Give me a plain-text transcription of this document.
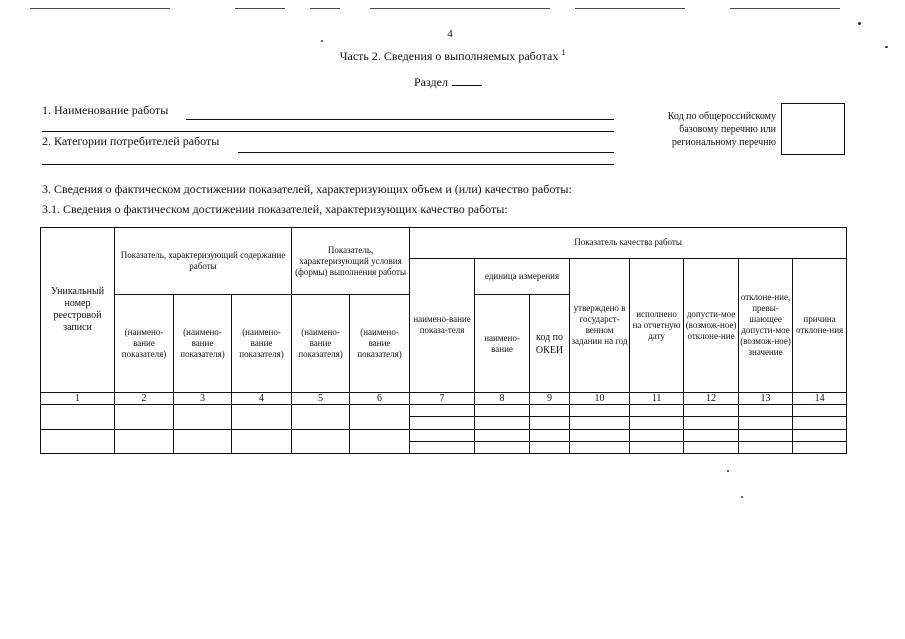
4
Часть 2. Сведения о выполняемых работах $^1$
Раздел
1. Наименование работы
2. Категории потребителей работы
Код по общероссийскому
базовому перечню или
региональному перечню
3. Сведения о фактическом достижении показателей, характеризующих объем и (или) качество работы:
3.1. Сведения о фактическом достижении показателей, характеризующих качество работы:
Уникальный номер реестровой записи	Показатель, характеризующий содержание работы			Показатель, характеризующий условия (формы) выполнения работы		Показатель качества работы							
						наимено-вание показа-теля	единица измерения		утверждено в государст-венном задании на год	исполнено на отчетную дату	допусти-мое (возмож-ное) отклоне-ние	отклоне-ние, превы-шающее допусти-мое (возмож-ное) значение	причина отклоне-ния
	(наимено-вание показателя)	(наимено-вание показателя)	(наимено-вание показателя)	(наимено-вание показателя)	(наимено-вание показателя)		наимено-вание	код по ОКЕИ					
1	2	3	4	5	6	7	8	9	10	11	12	13	14
